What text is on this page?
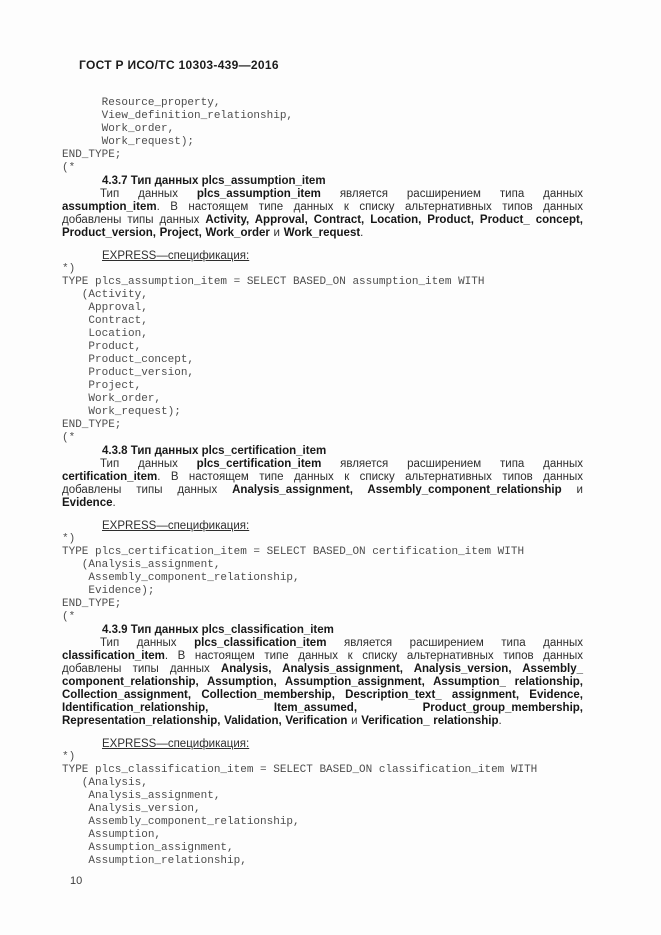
ГОСТ Р ИСО/ТС 10303-439—2016
Resource_property,
View_definition_relationship,
Work_order,
Work_request);
END_TYPE;
(*
4.3.7 Тип данных plcs_assumption_item

Тип данных plcs_assumption_item является расширением типа данных assumption_item. В настоящем типе данных к списку альтернативных типов данных добавлены типы данных Activity, Approval, Contract, Location, Product, Product_ concept, Product_version, Project, Work_order и Work_request.

EXPRESS—спецификация:
*)
TYPE plcs_assumption_item = SELECT BASED_ON assumption_item WITH
(Activity,
Approval,
Contract,
Location,
Product,
Product_concept,
Product_version,
Project,
Work_order,
Work_request);
END_TYPE;
(*
4.3.8 Тип данных plcs_certification_item

Тип данных plcs_certification_item является расширением типа данных certification_item. В настоящем типе данных к списку альтернативных типов данных добавлены типы данных Analysis_assignment, Assembly_component_relationship и Evidence.

EXPRESS—спецификация:
*)
TYPE plcs_certification_item = SELECT BASED_ON certification_item WITH
(Analysis_assignment,
Assembly_component_relationship,
Evidence);
END_TYPE;
(*
4.3.9 Тип данных plcs_classification_item

Тип данных plcs_classification_item является расширением типа данных classification_item. В настоящем типе данных к списку альтернативных типов данных добавлены типы данных Analysis, Analysis_assignment, Analysis_version, Assembly_ component_relationship, Assumption, Assumption_assignment, Assumption_ relationship, Collection_assignment, Collection_membership, Description_text_ assignment, Evidence, Identification_relationship, Item_assumed, Product_group_membership, Representation_relationship, Validation, Verification и Verification_ relationship.

EXPRESS—спецификация:
*)
TYPE plcs_classification_item = SELECT BASED_ON classification_item WITH
(Analysis,
Analysis_assignment,
Analysis_version,
Assembly_component_relationship,
Assumption,
Assumption_assignment,
Assumption_relationship,
10
